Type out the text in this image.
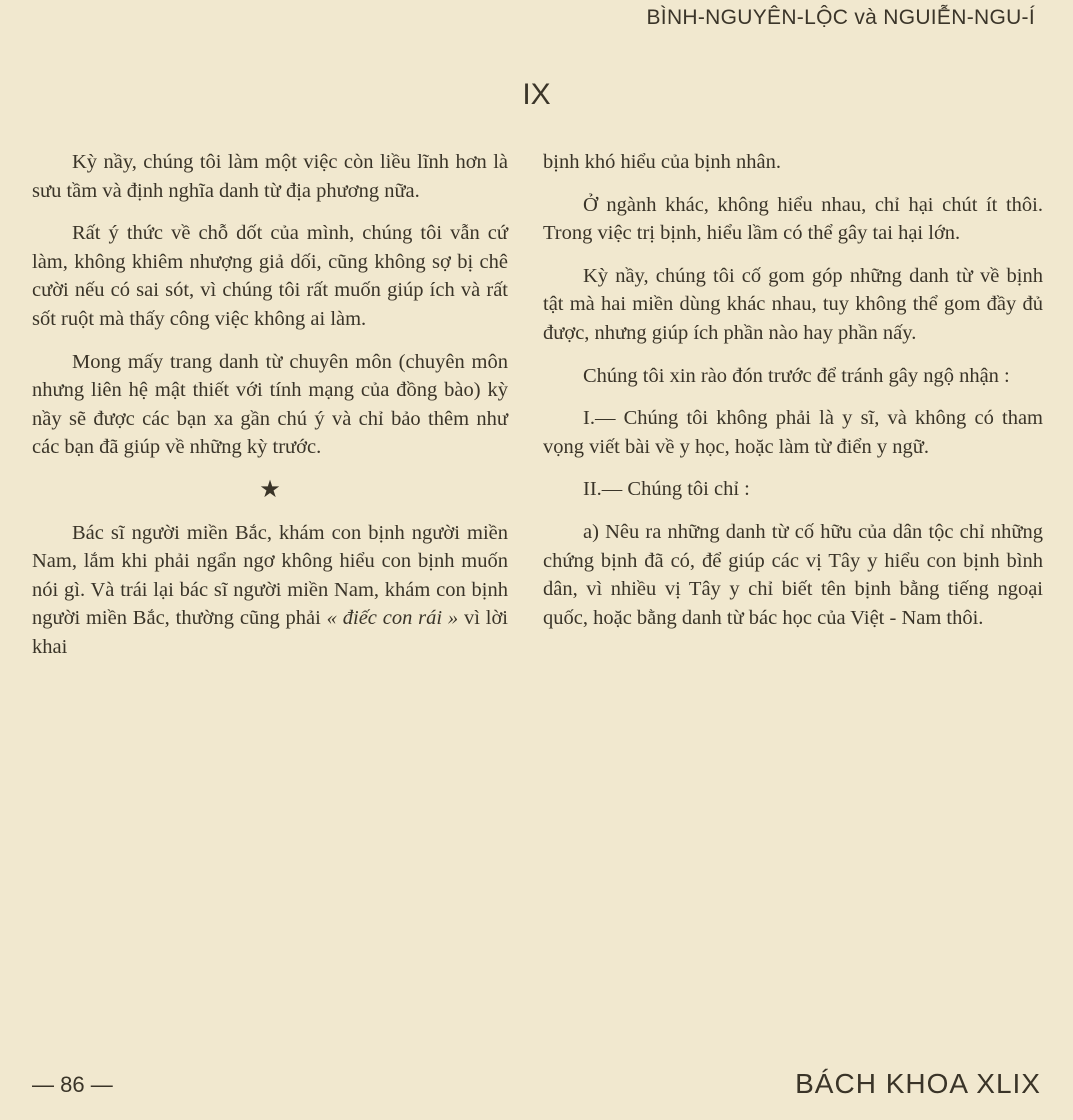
BÌNH-NGUYÊN-LỘC và NGUIỄN-NGU-Í
IX

Kỳ nầy, chúng tôi làm một việc còn liều lĩnh hơn là sưu tầm và định nghĩa danh từ địa phương nữa.

Rất ý thức về chỗ dốt của mình, chúng tôi vẫn cứ làm, không khiêm nhượng giả dối, cũng không sợ bị chê cười nếu có sai sót, vì chúng tôi rất muốn giúp ích và rất sốt ruột mà thấy công việc không ai làm.

Mong mấy trang danh từ chuyên môn (chuyên môn nhưng liên hệ mật thiết với tính mạng của đồng bào) kỳ nầy sẽ được các bạn xa gần chú ý và chỉ bảo thêm như các bạn đã giúp về những kỳ trước.

★

Bác sĩ người miền Bắc, khám con bịnh người miền Nam, lắm khi phải ngẩn ngơ không hiểu con bịnh muốn nói gì. Và trái lại bác sĩ người miền Nam, khám con bịnh người miền Bắc, thường cũng phải « điếc con rái » vì lời khai

bịnh khó hiểu của bịnh nhân.

Ở ngành khác, không hiểu nhau, chỉ hại chút ít thôi. Trong việc trị bịnh, hiểu lầm có thể gây tai hại lớn.

Kỳ nầy, chúng tôi cố gom góp những danh từ về bịnh tật mà hai miền dùng khác nhau, tuy không thể gom đầy đủ được, nhưng giúp ích phần nào hay phần nấy.

Chúng tôi xin rào đón trước để tránh gây ngộ nhận :

I.— Chúng tôi không phải là y sĩ, và không có tham vọng viết bài về y học, hoặc làm từ điển y ngữ.

II.— Chúng tôi chỉ :

a) Nêu ra những danh từ cố hữu của dân tộc chỉ những chứng bịnh đã có, để giúp các vị Tây y hiểu con bịnh bình dân, vì nhiều vị Tây y chỉ biết tên bịnh bằng tiếng ngoại quốc, hoặc bằng danh từ bác học của Việt - Nam thôi.

— 86 —	BÁCH KHOA XLIX
